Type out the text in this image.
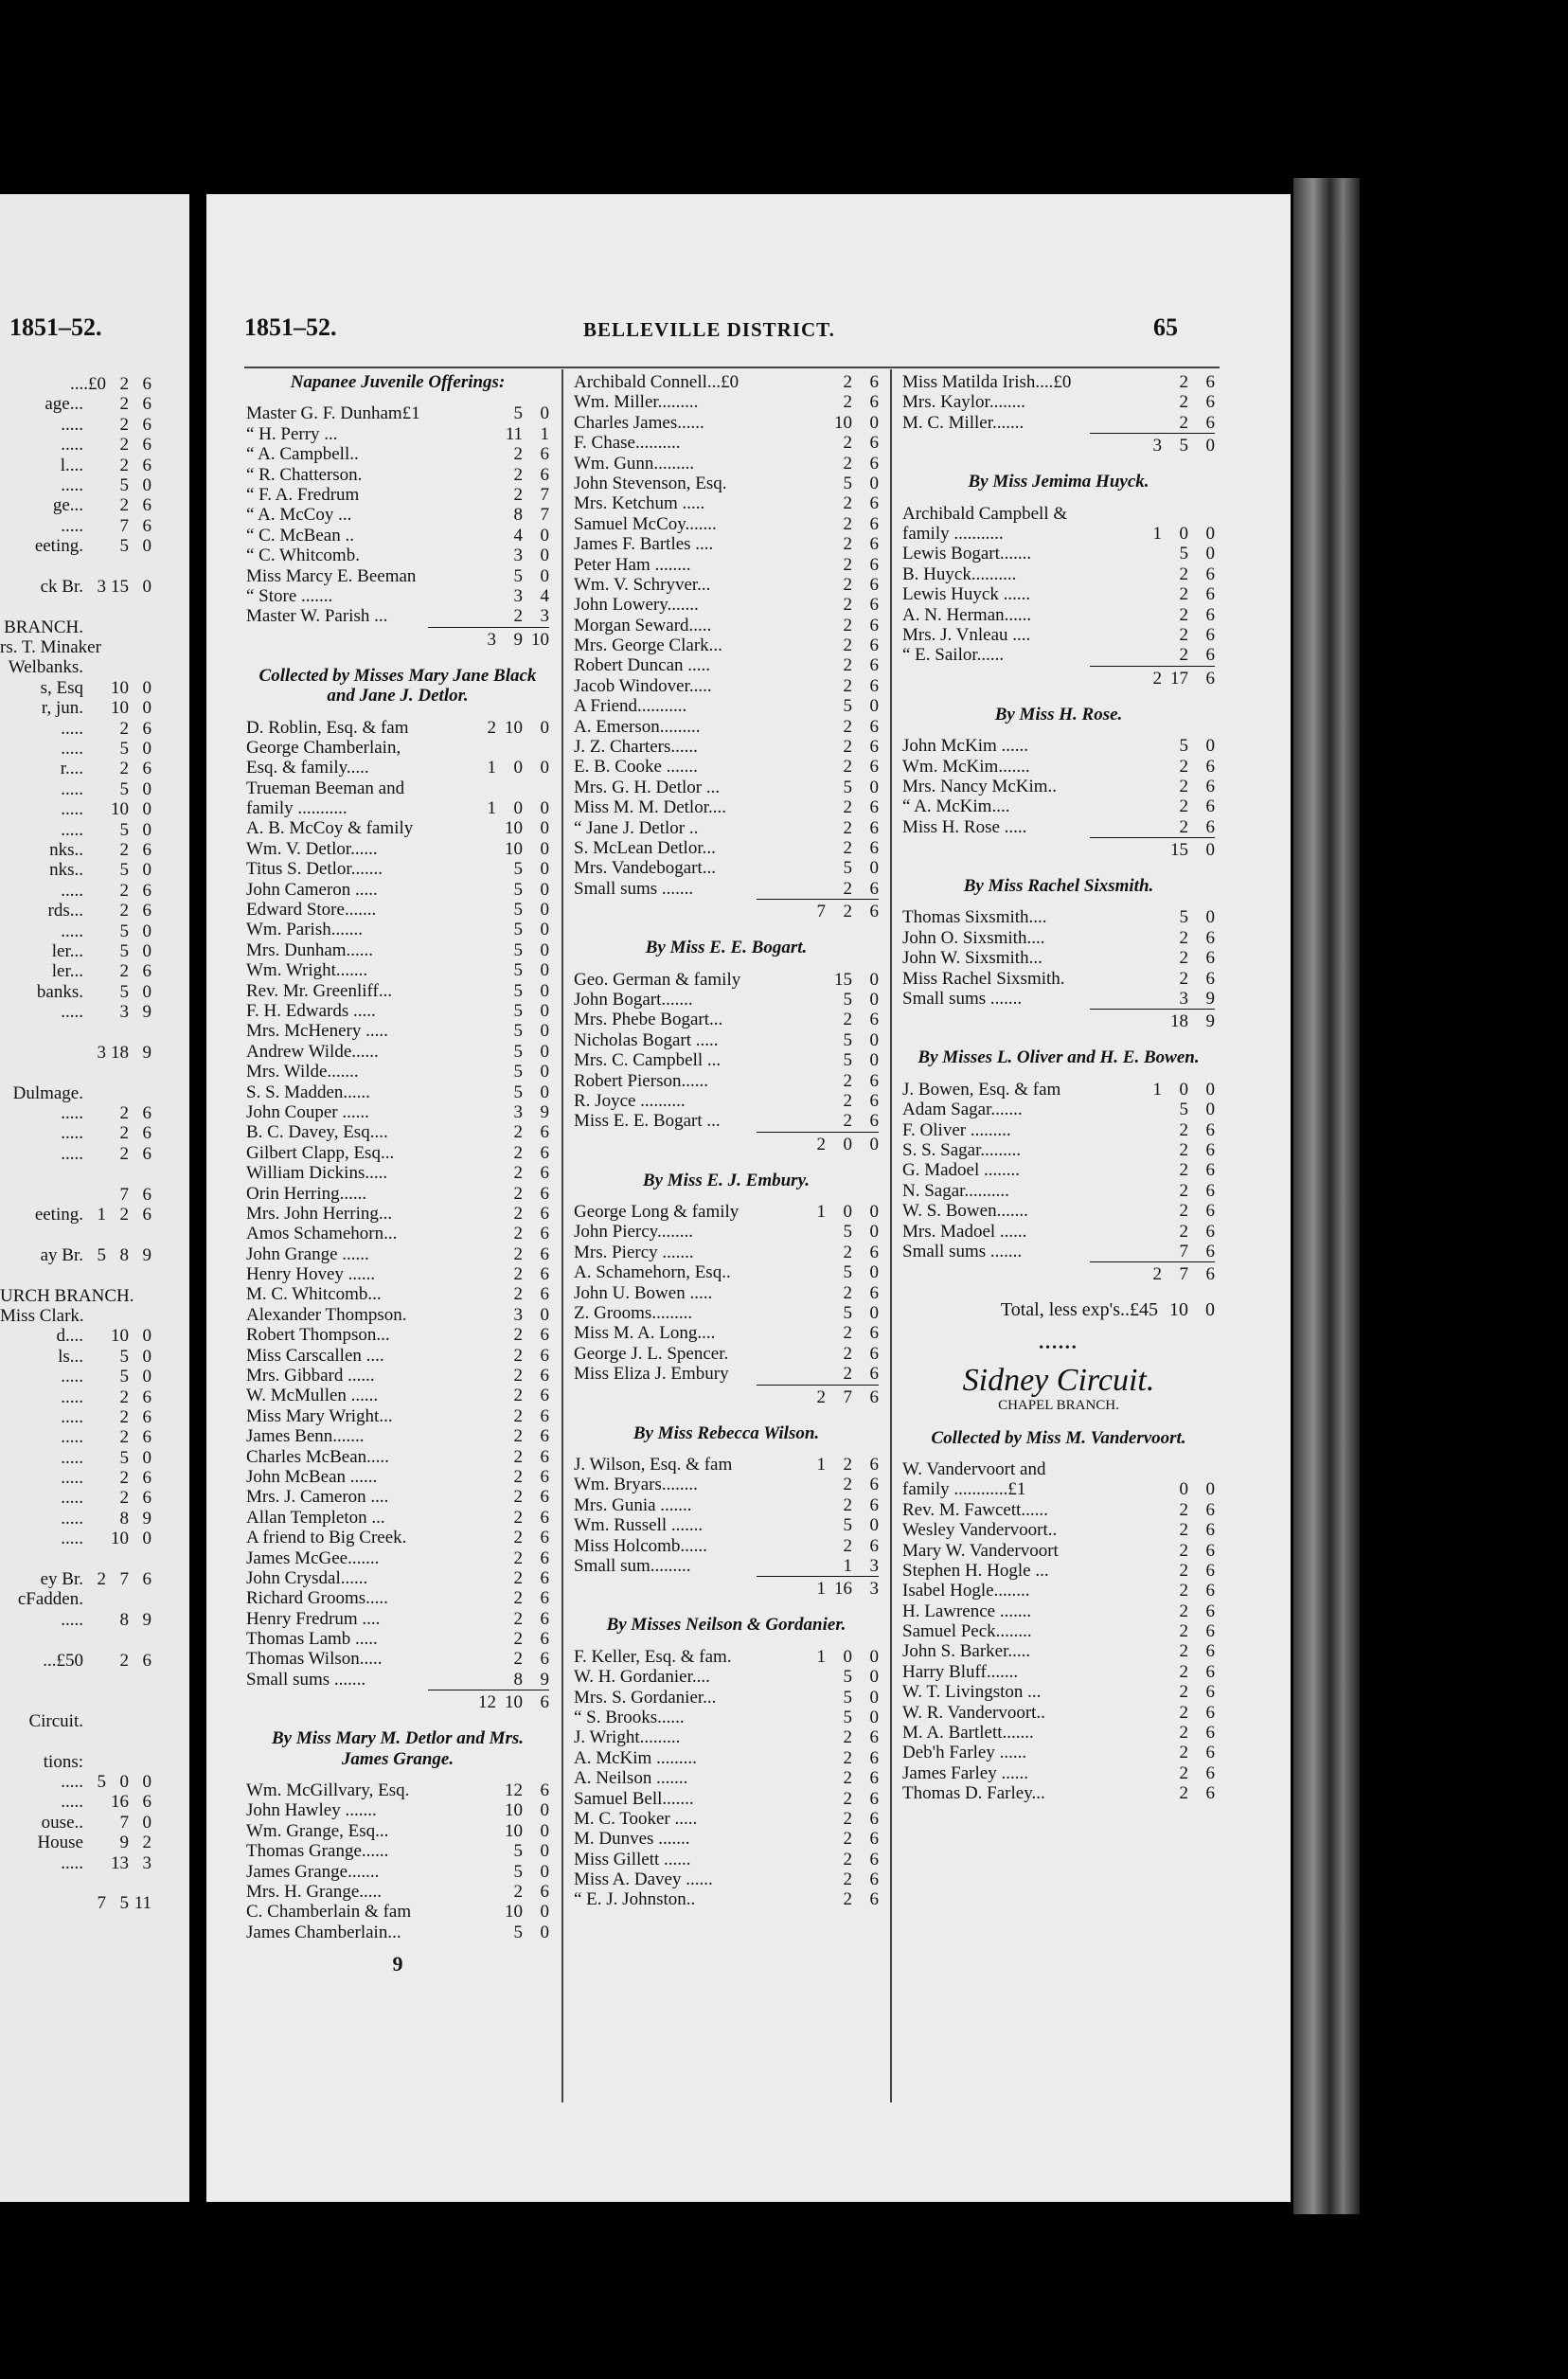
1851–52.
....£0 2 6
age...	2 6
.....	2 6
.....	2 6
l....	2 6
.....	5 0
ge...	2 6
.....	7 6
eeting.	5 0
ck Br. 3 15 0
BRANCH.
rs. T. Minaker
Welbanks.
s, Esq 10 0
r, jun. 10 0
.....	2 6
.....	5 0
r....	2 6
.....	5 0
..... 10 0
.....	5 0
nks..	2 6
nks..	5 0
.....	2 6
rds...	2 6
.....	5 0
ler...	5 0
ler...	2 6
banks.	5 0
.....	3 9
3 18 9
Dulmage.
.....	2 6
.....	2 6
.....	2 6
7 6
eeting. 1 2 6
ay Br. 5 8 9
URCH BRANCH.
Miss Clark.
d.... 10 0
ls...	5 0
.....	5 0
.....	2 6
.....	2 6
.....	2 6
.....	5 0
.....	2 6
.....	2 6
.....	8 9
..... 10 0
ey Br. 2 7 6
cFadden.
.....	8 9
...£50	2 6
Circuit.
tions:
..... 5 0 0
..... 16 6
ouse..	7 0
House	9 2
..... 13 3
7 5 11
1851–52.	BELLEVILLE DISTRICT.	65
Napanee Juvenile Offerings:
Master G. F. Dunham£1	5 0
“ H. Perry ...	11 1
“ A. Campbell..	2 6
“ R. Chatterson.	2 6
“ F. A. Fredrum	2 7
“ A. McCoy ...	8 7
“ C. McBean ..	4 0
“ C. Whitcomb.	3 0
Miss Marcy E. Beeman	5 0
“ Store .......	3 4
Master W. Parish ...	2 3
3 9 10
Collected by Misses Mary Jane Black and Jane J. Detlor.
D. Roblin, Esq. & fam	2 10 0
George Chamberlain,
Esq. & family.....	1 0 0
Trueman Beeman and
family ...........	1 0 0
A. B. McCoy & family	10 0
Wm. V. Detlor......	10 0
Titus S. Detlor.......	5 0
John Cameron .....	5 0
Edward Store.......	5 0
Wm. Parish.......	5 0
Mrs. Dunham......	5 0
Wm. Wright.......	5 0
Rev. Mr. Greenliff...	5 0
F. H. Edwards .....	5 0
Mrs. McHenery .....	5 0
Andrew Wilde......	5 0
Mrs. Wilde.......	5 0
S. S. Madden......	5 0
John Couper ......	3 9
B. C. Davey, Esq....	2 6
Gilbert Clapp, Esq...	2 6
William Dickins.....	2 6
Orin Herring......	2 6
Mrs. John Herring...	2 6
Amos Schamehorn...	2 6
John Grange ......	2 6
Henry Hovey ......	2 6
M. C. Whitcomb...	2 6
Alexander Thompson.	3 0
Robert Thompson...	2 6
Miss Carscallen ....	2 6
Mrs. Gibbard ......	2 6
W. McMullen ......	2 6
Miss Mary Wright...	2 6
James Benn.......	2 6
Charles McBean.....	2 6
John McBean ......	2 6
Mrs. J. Cameron ....	2 6
Allan Templeton ...	2 6
A friend to Big Creek.	2 6
James McGee.......	2 6
John Crysdal......	2 6
Richard Grooms.....	2 6
Henry Fredrum ....	2 6
Thomas Lamb .....	2 6
Thomas Wilson.....	2 6
Small sums .......	8 9
12 10 6
By Miss Mary M. Detlor and Mrs. James Grange.
Wm. McGillvary, Esq.	12 6
John Hawley .......	10 0
Wm. Grange, Esq...	10 0
Thomas Grange......	5 0
James Grange.......	5 0
Mrs. H. Grange.....	2 6
C. Chamberlain & fam	10 0
James Chamberlain...	5 0
9
Archibald Connell...£0	2 6
Wm. Miller.........	2 6
Charles James......	10 0
F. Chase..........	2 6
Wm. Gunn.........	2 6
John Stevenson, Esq.	5 0
Mrs. Ketchum .....	2 6
Samuel McCoy.......	2 6
James F. Bartles ....	2 6
Peter Ham ........	2 6
Wm. V. Schryver...	2 6
John Lowery.......	2 6
Morgan Seward.....	2 6
Mrs. George Clark...	2 6
Robert Duncan .....	2 6
Jacob Windover.....	2 6
A Friend...........	5 0
A. Emerson.........	2 6
J. Z. Charters......	2 6
E. B. Cooke .......	2 6
Mrs. G. H. Detlor ...	5 0
Miss M. M. Detlor....	2 6
“ Jane J. Detlor ..	2 6
S. McLean Detlor...	2 6
Mrs. Vandebogart...	5 0
Small sums .......	2 6
7 2 6
By Miss E. E. Bogart.
Geo. German & family	15 0
John Bogart.......	5 0
Mrs. Phebe Bogart...	2 6
Nicholas Bogart .....	5 0
Mrs. C. Campbell ...	5 0
Robert Pierson......	2 6
R. Joyce ..........	2 6
Miss E. E. Bogart ...	2 6
2 0 0
By Miss E. J. Embury.
George Long & family	1 0 0
John Piercy........	5 0
Mrs. Piercy .......	2 6
A. Schamehorn, Esq..	5 0
John U. Bowen .....	2 6
Z. Grooms.........	5 0
Miss M. A. Long....	2 6
George J. L. Spencer.	2 6
Miss Eliza J. Embury	2 6
2 7 6
By Miss Rebecca Wilson.
J. Wilson, Esq. & fam	1 2 6
Wm. Bryars........	2 6
Mrs. Gunia .......	2 6
Wm. Russell .......	5 0
Miss Holcomb......	2 6
Small sum.........	1 3
1 16 3
By Misses Neilson & Gordanier.
F. Keller, Esq. & fam.	1 0 0
W. H. Gordanier....	5 0
Mrs. S. Gordanier...	5 0
“ S. Brooks......	5 0
J. Wright.........	2 6
A. McKim .........	2 6
A. Neilson .......	2 6
Samuel Bell.......	2 6
M. C. Tooker .....	2 6
M. Dunves .......	2 6
Miss Gillett ......	2 6
Miss A. Davey ......	2 6
“ E. J. Johnston..	2 6
Miss Matilda Irish....£0	2 6
Mrs. Kaylor........	2 6
M. C. Miller.......	2 6
3 5 0
By Miss Jemima Huyck.
Archibald Campbell &
family ...........	1 0 0
Lewis Bogart.......	5 0
B. Huyck..........	2 6
Lewis Huyck ......	2 6
A. N. Herman......	2 6
Mrs. J. Vnleau ....	2 6
“ E. Sailor......	2 6
2 17 6
By Miss H. Rose.
John McKim ......	5 0
Wm. McKim.......	2 6
Mrs. Nancy McKim..	2 6
“ A. McKim....	2 6
Miss H. Rose .....	2 6
15 0
By Miss Rachel Sixsmith.
Thomas Sixsmith....	5 0
John O. Sixsmith....	2 6
John W. Sixsmith...	2 6
Miss Rachel Sixsmith.	2 6
Small sums .......	3 9
18 9
By Misses L. Oliver and H. E. Bowen.
J. Bowen, Esq. & fam	1 0 0
Adam Sagar.......	5 0
F. Oliver .........	2 6
S. S. Sagar.........	2 6
G. Madoel ........	2 6
N. Sagar..........	2 6
W. S. Bowen.......	2 6
Mrs. Madoel ......	2 6
Small sums .......	7 6
2 7 6
Total, less exp's..£45 10 0
••••••
Sidney Circuit.
CHAPEL BRANCH.
Collected by Miss M. Vandervoort.
W. Vandervoort and
family ............£1	0 0
Rev. M. Fawcett......	2 6
Wesley Vandervoort..	2 6
Mary W. Vandervoort	2 6
Stephen H. Hogle ...	2 6
Isabel Hogle........	2 6
H. Lawrence .......	2 6
Samuel Peck........	2 6
John S. Barker.....	2 6
Harry Bluff.......	2 6
W. T. Livingston ...	2 6
W. R. Vandervoort..	2 6
M. A. Bartlett.......	2 6
Deb'h Farley ......	2 6
James Farley ......	2 6
Thomas D. Farley...	2 6
